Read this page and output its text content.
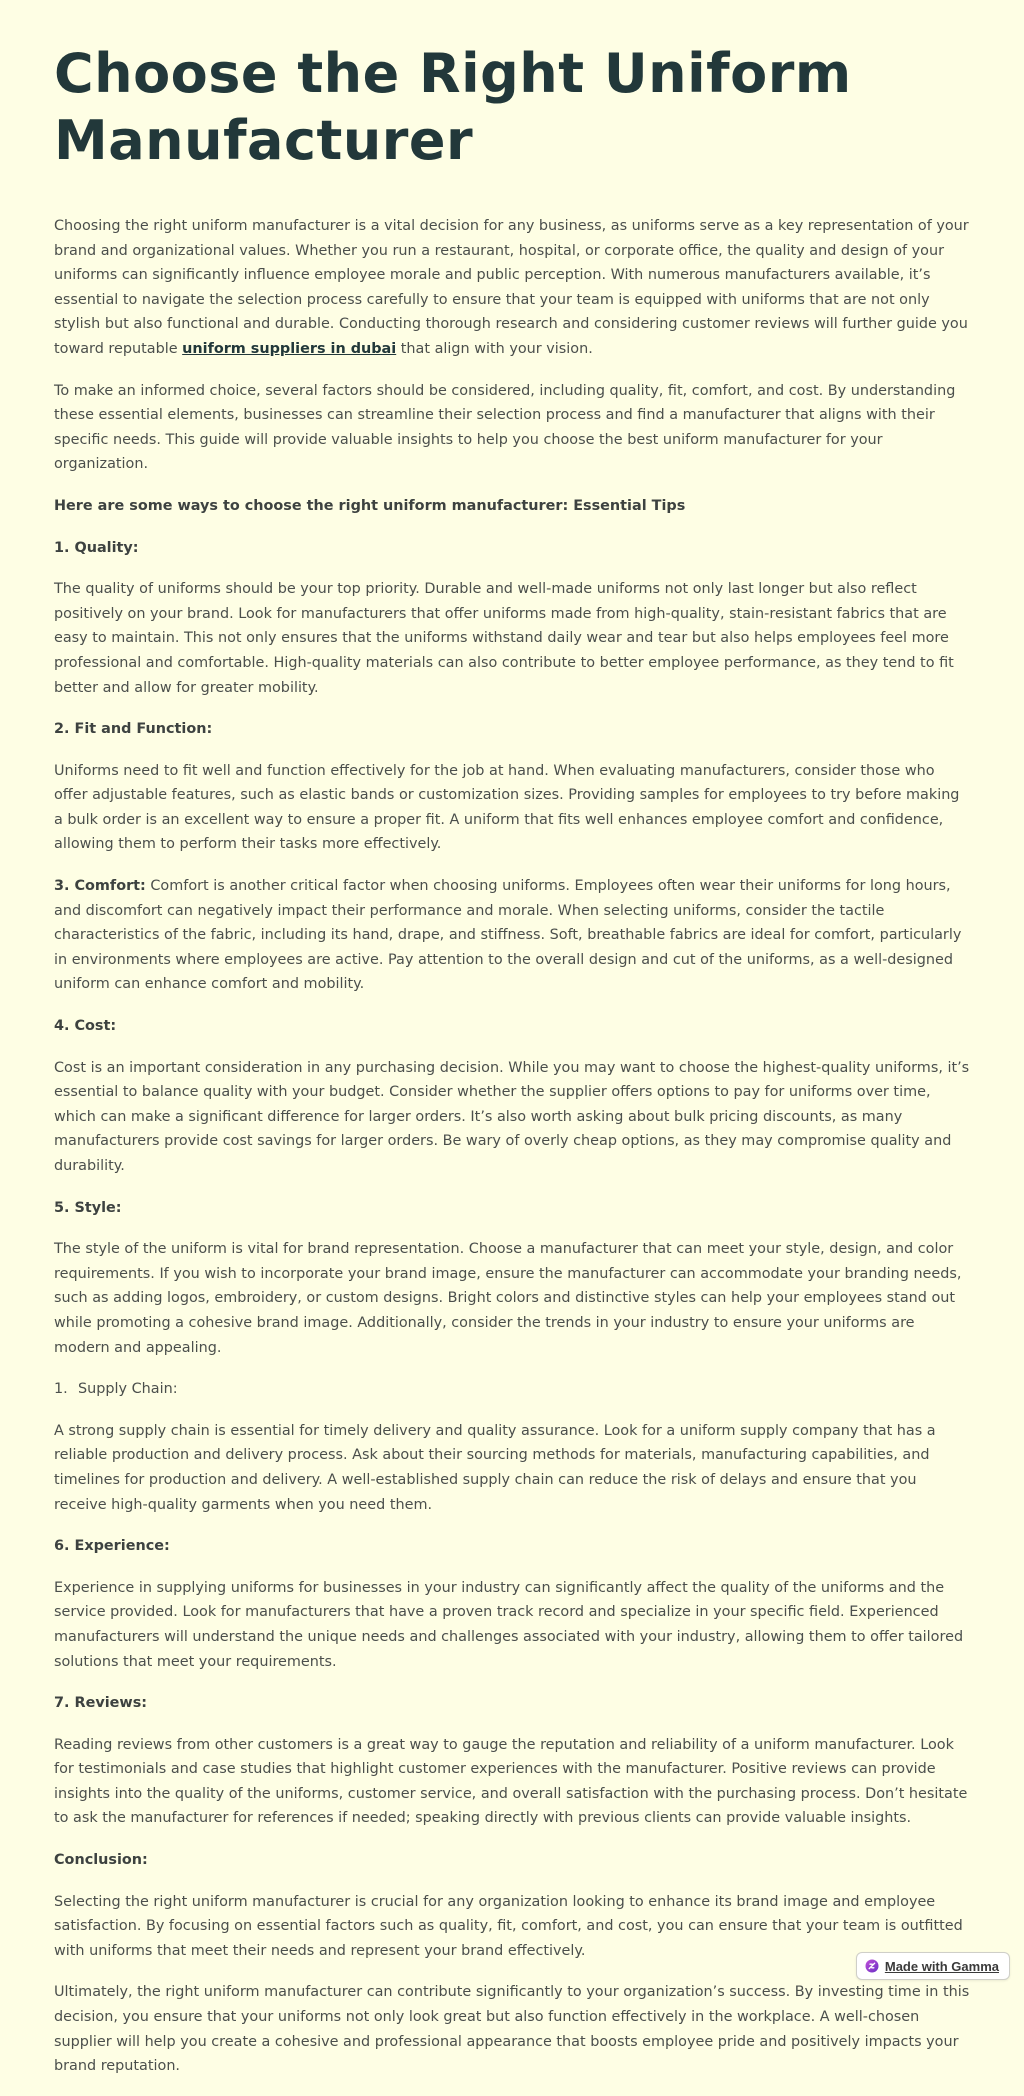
Choose the Right Uniform Manufacturer

Choosing the right uniform manufacturer is a vital decision for any business, as uniforms serve as a key representation of your brand and organizational values. Whether you run a restaurant, hospital, or corporate office, the quality and design of your uniforms can significantly influence employee morale and public perception. With numerous manufacturers available, it’s essential to navigate the selection process carefully to ensure that your team is equipped with uniforms that are not only stylish but also functional and durable. Conducting thorough research and considering customer reviews will further guide you toward reputable uniform suppliers in dubai that align with your vision.

To make an informed choice, several factors should be considered, including quality, fit, comfort, and cost. By understanding these essential elements, businesses can streamline their selection process and find a manufacturer that aligns with their specific needs. This guide will provide valuable insights to help you choose the best uniform manufacturer for your organization.

Here are some ways to choose the right uniform manufacturer: Essential Tips

1. Quality:

The quality of uniforms should be your top priority. Durable and well-made uniforms not only last longer but also reflect positively on your brand. Look for manufacturers that offer uniforms made from high-quality, stain-resistant fabrics that are easy to maintain. This not only ensures that the uniforms withstand daily wear and tear but also helps employees feel more professional and comfortable. High-quality materials can also contribute to better employee performance, as they tend to fit better and allow for greater mobility.

2. Fit and Function:

Uniforms need to fit well and function effectively for the job at hand. When evaluating manufacturers, consider those who offer adjustable features, such as elastic bands or customization sizes. Providing samples for employees to try before making a bulk order is an excellent way to ensure a proper fit. A uniform that fits well enhances employee comfort and confidence, allowing them to perform their tasks more effectively.

3. Comfort: Comfort is another critical factor when choosing uniforms. Employees often wear their uniforms for long hours, and discomfort can negatively impact their performance and morale. When selecting uniforms, consider the tactile characteristics of the fabric, including its hand, drape, and stiffness. Soft, breathable fabrics are ideal for comfort, particularly in environments where employees are active. Pay attention to the overall design and cut of the uniforms, as a well-designed uniform can enhance comfort and mobility.

4. Cost:

Cost is an important consideration in any purchasing decision. While you may want to choose the highest-quality uniforms, it’s essential to balance quality with your budget. Consider whether the supplier offers options to pay for uniforms over time, which can make a significant difference for larger orders. It’s also worth asking about bulk pricing discounts, as many manufacturers provide cost savings for larger orders. Be wary of overly cheap options, as they may compromise quality and durability.

5. Style:

The style of the uniform is vital for brand representation. Choose a manufacturer that can meet your style, design, and color requirements. If you wish to incorporate your brand image, ensure the manufacturer can accommodate your branding needs, such as adding logos, embroidery, or custom designs. Bright colors and distinctive styles can help your employees stand out while promoting a cohesive brand image. Additionally, consider the trends in your industry to ensure your uniforms are modern and appealing.

1. Supply Chain:

A strong supply chain is essential for timely delivery and quality assurance. Look for a uniform supply company that has a reliable production and delivery process. Ask about their sourcing methods for materials, manufacturing capabilities, and timelines for production and delivery. A well-established supply chain can reduce the risk of delays and ensure that you receive high-quality garments when you need them.

6. Experience:

Experience in supplying uniforms for businesses in your industry can significantly affect the quality of the uniforms and the service provided. Look for manufacturers that have a proven track record and specialize in your specific field. Experienced manufacturers will understand the unique needs and challenges associated with your industry, allowing them to offer tailored solutions that meet your requirements.

7. Reviews:

Reading reviews from other customers is a great way to gauge the reputation and reliability of a uniform manufacturer. Look for testimonials and case studies that highlight customer experiences with the manufacturer. Positive reviews can provide insights into the quality of the uniforms, customer service, and overall satisfaction with the purchasing process. Don’t hesitate to ask the manufacturer for references if needed; speaking directly with previous clients can provide valuable insights.

Conclusion:

Selecting the right uniform manufacturer is crucial for any organization looking to enhance its brand image and employee satisfaction. By focusing on essential factors such as quality, fit, comfort, and cost, you can ensure that your team is outfitted with uniforms that meet their needs and represent your brand effectively.

Ultimately, the right uniform manufacturer can contribute significantly to your organization’s success. By investing time in this decision, you ensure that your uniforms not only look great but also function effectively in the workplace. A well-chosen supplier will help you create a cohesive and professional appearance that boosts employee pride and positively impacts your brand reputation.

Made with Gamma
